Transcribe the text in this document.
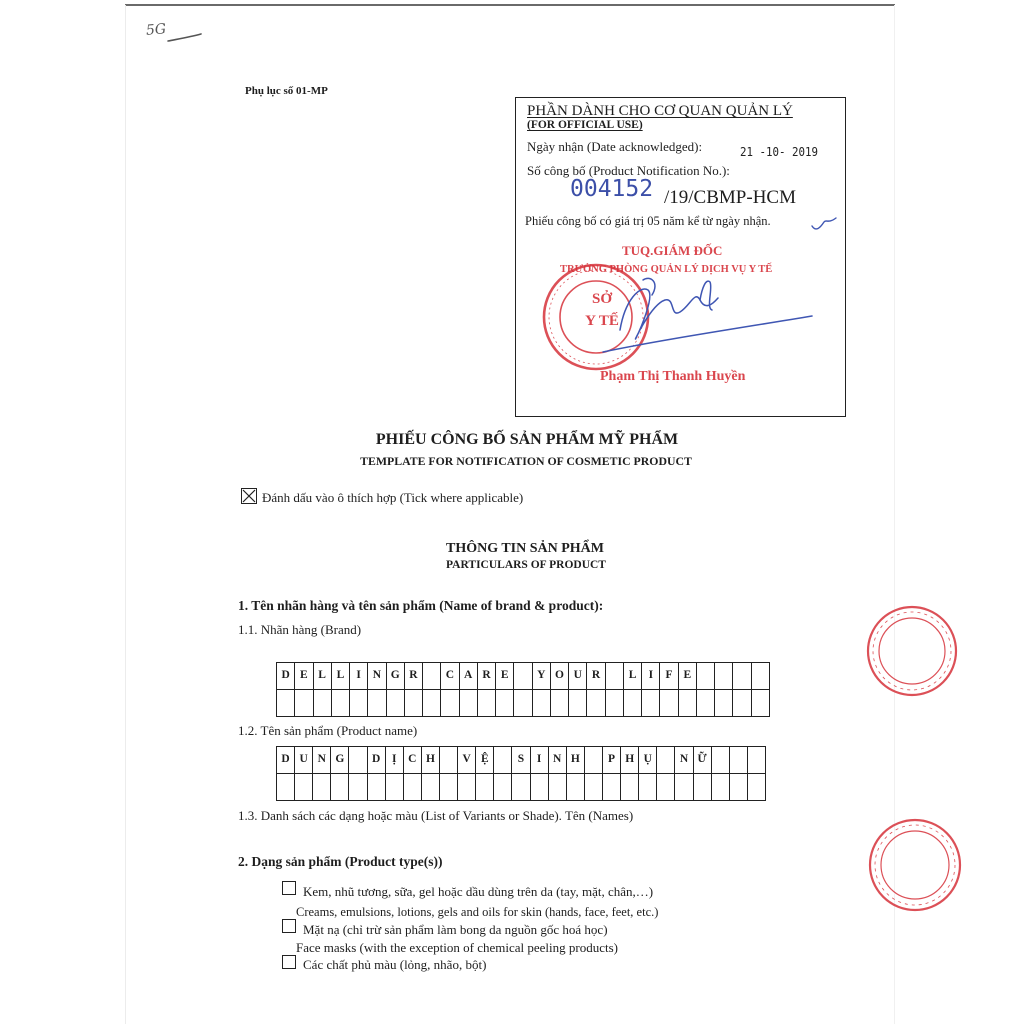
5G
Phụ lục số 01-MP
PHẦN DÀNH CHO CƠ QUAN QUẢN LÝ
(FOR OFFICIAL USE)
Ngày nhận (Date acknowledged):	21 -10- 2019
Số công bố (Product Notification No.):
004152 /19/CBMP-HCM
Phiếu công bố có giá trị 05 năm kể từ ngày nhận.
SỞ
Y TẾ
TUQ.GIÁM ĐỐC
TRƯỞNG PHÒNG QUẢN LÝ DỊCH VỤ Y TẾ
Phạm Thị Thanh Huyền
PHIẾU CÔNG BỐ SẢN PHẨM MỸ PHẨM
TEMPLATE FOR NOTIFICATION OF COSMETIC PRODUCT
Đánh dấu vào ô thích hợp (Tick where applicable)
THÔNG TIN SẢN PHẨM
PARTICULARS OF PRODUCT
1. Tên nhãn hàng và tên sản phẩm (Name of brand & product):
1.1. Nhãn hàng (Brand)
D E L L	I	N G R	C A R E	Y O U R	L	I	F E
1.2. Tên sản phẩm (Product name)
D U N G	D	Ị	C H	V Ệ	S	I	N H	P H Ụ	N Ữ
1.3. Danh sách các dạng hoặc màu (List of Variants or Shade). Tên (Names)
2. Dạng sản phẩm (Product type(s))
Kem, nhũ tương, sữa, gel hoặc dầu dùng trên da (tay, mặt, chân,…)
Creams, emulsions, lotions, gels and oils for skin (hands, face, feet, etc.)
Mặt nạ (chỉ trừ sản phẩm làm bong da nguồn gốc hoá học)
Face masks (with the exception of chemical peeling products)
Các chất phủ màu (lỏng, nhão, bột)
